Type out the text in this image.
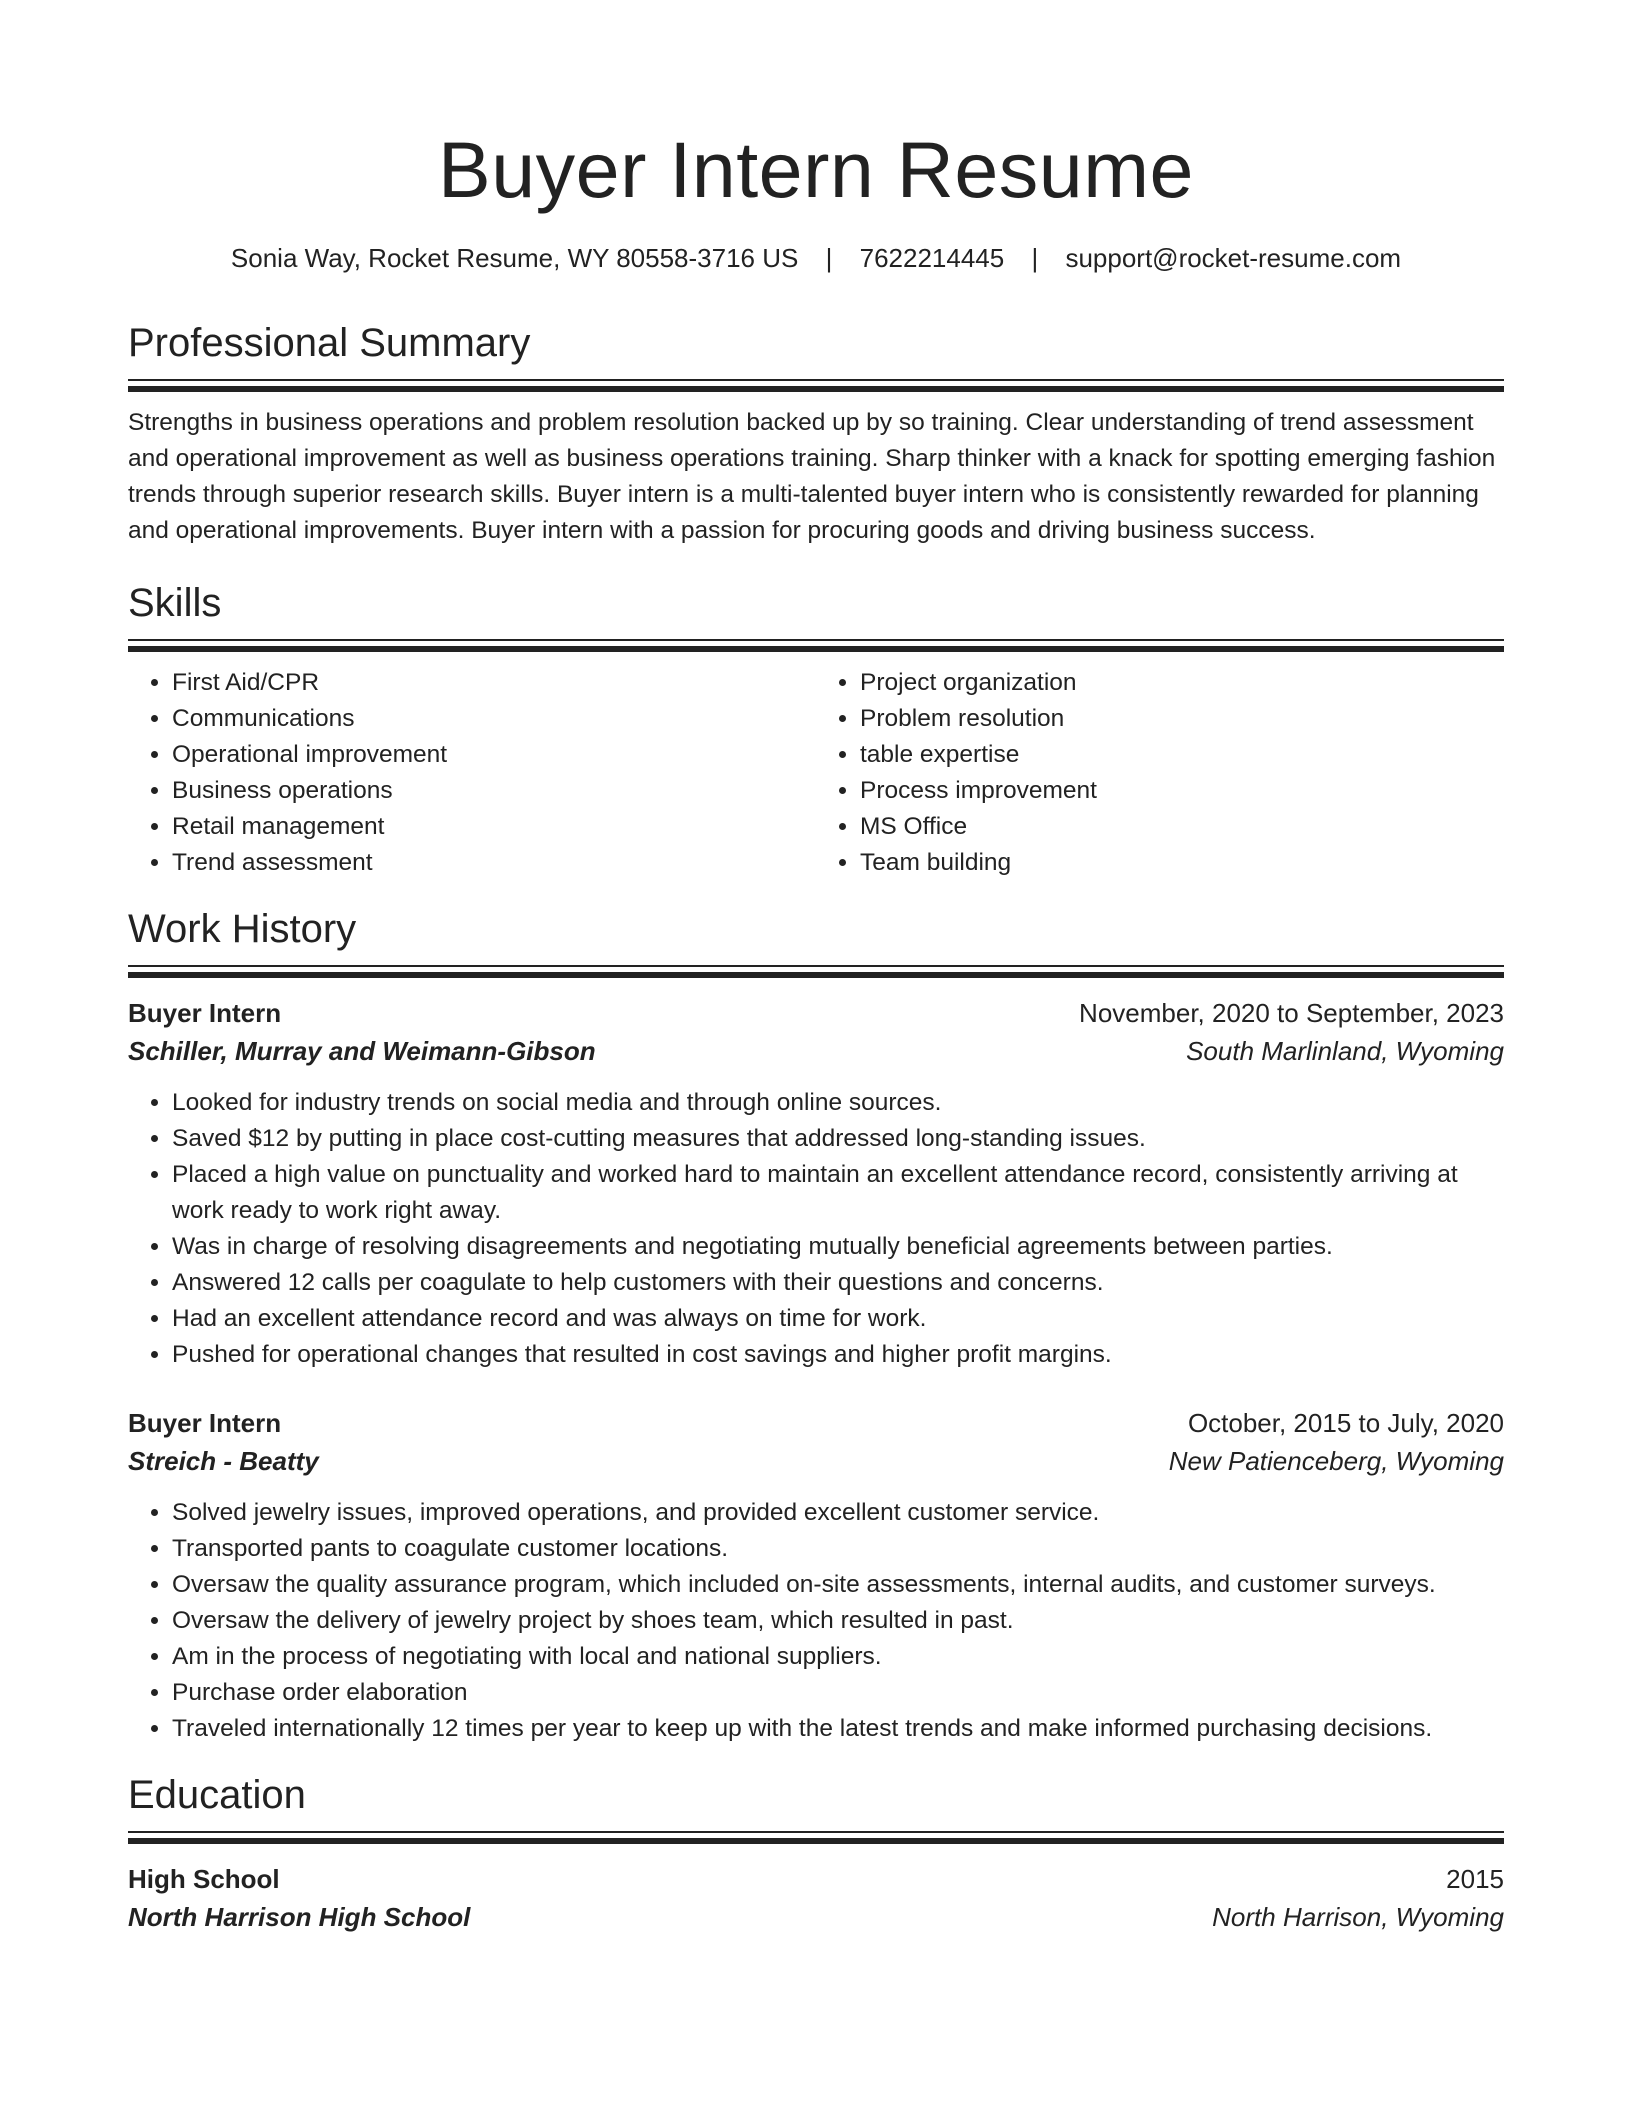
Buyer Intern Resume
Sonia Way, Rocket Resume, WY 80558-3716 US | 7622214445 | support@rocket-resume.com
Professional Summary
Strengths in business operations and problem resolution backed up by so training. Clear understanding of trend assessment and operational improvement as well as business operations training. Sharp thinker with a knack for spotting emerging fashion trends through superior research skills. Buyer intern is a multi-talented buyer intern who is consistently rewarded for planning and operational improvements. Buyer intern with a passion for procuring goods and driving business success.
Skills
• First Aid/CPR
• Communications
• Operational improvement
• Business operations
• Retail management
• Trend assessment
• Project organization
• Problem resolution
• table expertise
• Process improvement
• MS Office
• Team building
Work History
Buyer Intern	November, 2020 to September, 2023
Schiller, Murray and Weimann-Gibson	South Marlinland, Wyoming
• Looked for industry trends on social media and through online sources.
• Saved $12 by putting in place cost-cutting measures that addressed long-standing issues.
• Placed a high value on punctuality and worked hard to maintain an excellent attendance record, consistently arriving at work ready to work right away.
• Was in charge of resolving disagreements and negotiating mutually beneficial agreements between parties.
• Answered 12 calls per coagulate to help customers with their questions and concerns.
• Had an excellent attendance record and was always on time for work.
• Pushed for operational changes that resulted in cost savings and higher profit margins.
Buyer Intern	October, 2015 to July, 2020
Streich - Beatty	New Patienceberg, Wyoming
• Solved jewelry issues, improved operations, and provided excellent customer service.
• Transported pants to coagulate customer locations.
• Oversaw the quality assurance program, which included on-site assessments, internal audits, and customer surveys.
• Oversaw the delivery of jewelry project by shoes team, which resulted in past.
• Am in the process of negotiating with local and national suppliers.
• Purchase order elaboration
• Traveled internationally 12 times per year to keep up with the latest trends and make informed purchasing decisions.
Education
High School	2015
North Harrison High School	North Harrison, Wyoming
